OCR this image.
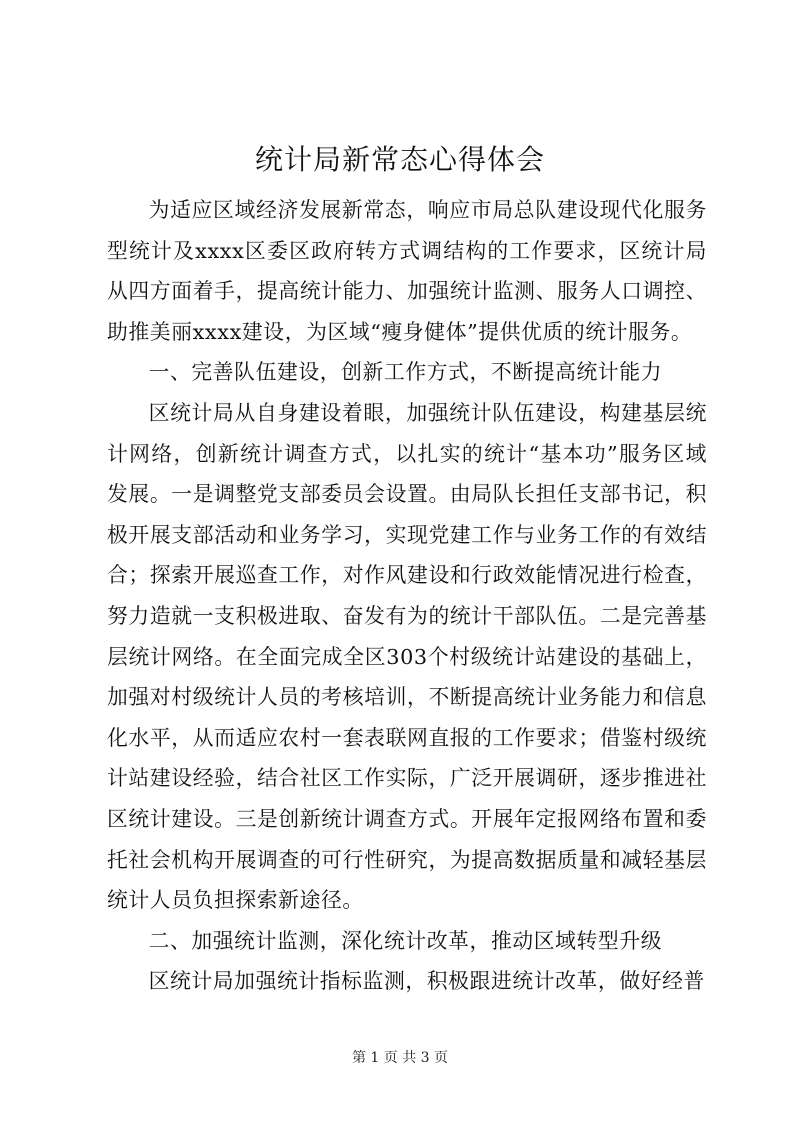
统计局新常态心得体会

为适应区域经济发展新常态，响应市局总队建设现代化服务型统计及xxxx区委区政府转方式调结构的工作要求，区统计局从四方面着手，提高统计能力、加强统计监测、服务人口调控、助推美丽xxxx建设，为区域“瘦身健体”提供优质的统计服务。

一、完善队伍建设，创新工作方式，不断提高统计能力

区统计局从自身建设着眼，加强统计队伍建设，构建基层统计网络，创新统计调查方式，以扎实的统计“基本功”服务区域发展。一是调整党支部委员会设置。由局队长担任支部书记，积极开展支部活动和业务学习，实现党建工作与业务工作的有效结合；探索开展巡查工作，对作风建设和行政效能情况进行检查，努力造就一支积极进取、奋发有为的统计干部队伍。二是完善基层统计网络。在全面完成全区303个村级统计站建设的基础上，加强对村级统计人员的考核培训，不断提高统计业务能力和信息化水平，从而适应农村一套表联网直报的工作要求；借鉴村级统计站建设经验，结合社区工作实际，广泛开展调研，逐步推进社区统计建设。三是创新统计调查方式。开展年定报网络布置和委托社会机构开展调查的可行性研究，为提高数据质量和减轻基层统计人员负担探索新途径。

二、加强统计监测，深化统计改革，推动区域转型升级

区统计局加强统计指标监测，积极跟进统计改革，做好经普

第 1 页 共 3 页
